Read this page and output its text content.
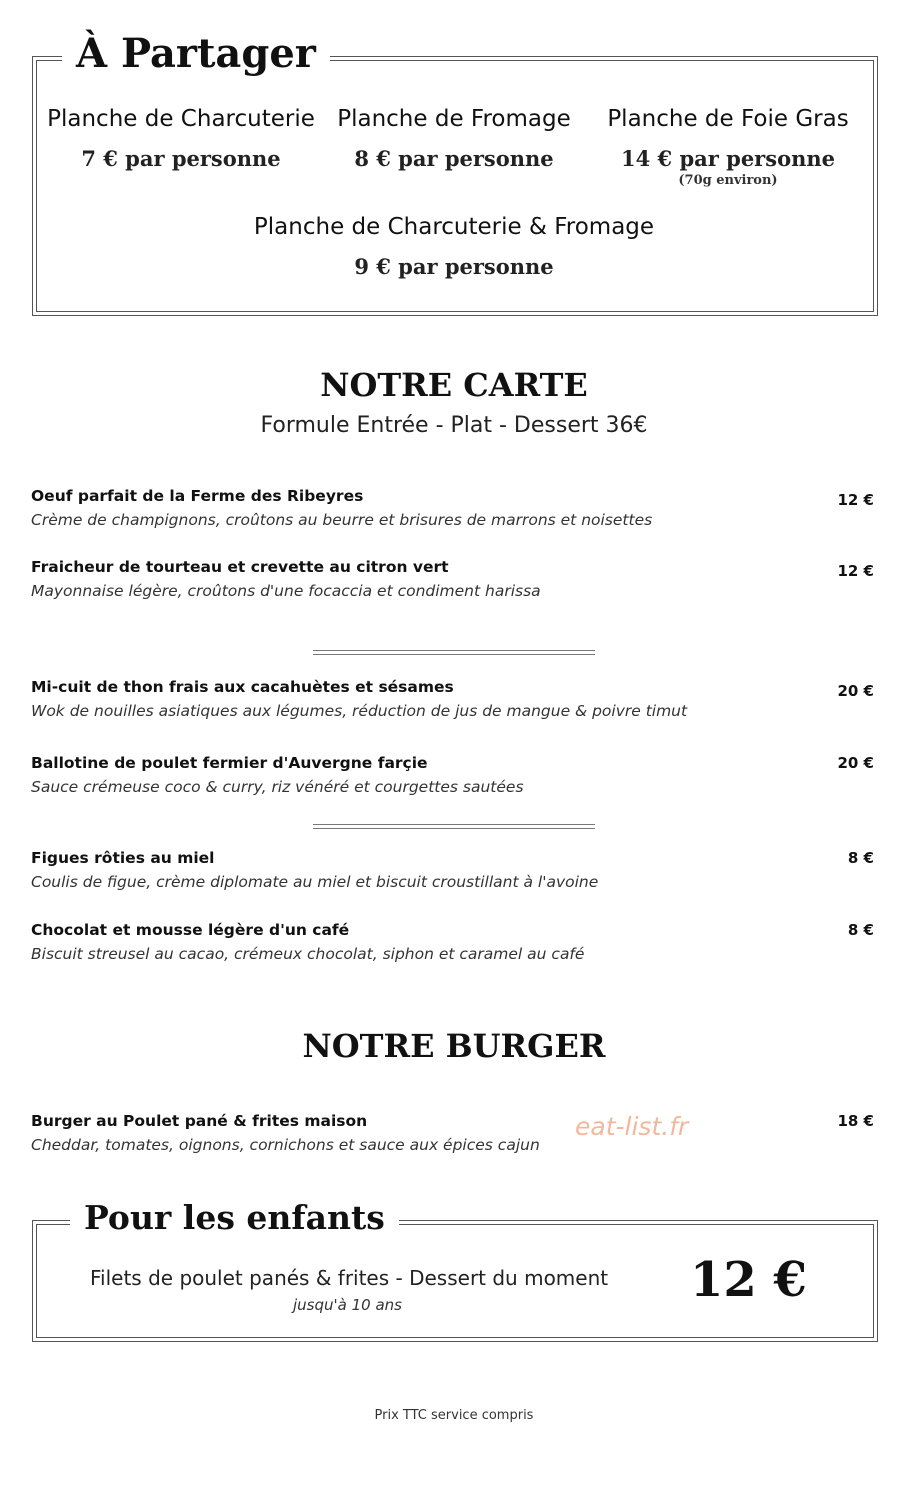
À Partager
Planche de Charcuterie
7 € par personne
Planche de Fromage
8 € par personne
Planche de Foie Gras
14 € par personne
(70g environ)
Planche de Charcuterie & Fromage
9 € par personne
NOTRE CARTE
Formule Entrée - Plat - Dessert 36€
Oeuf parfait de la Ferme des Ribeyres
Crème de champignons, croûtons au beurre et brisures de marrons et noisettes
12 €
Fraicheur de tourteau et crevette au citron vert
Mayonnaise légère, croûtons d'une focaccia et condiment harissa
12 €
Mi-cuit de thon frais aux cacahuètes et sésames
Wok de nouilles asiatiques aux légumes, réduction de jus de mangue & poivre timut
20 €
Ballotine de poulet fermier d'Auvergne farçie
Sauce crémeuse coco & curry, riz vénéré et courgettes sautées
20 €
Figues rôties au miel
Coulis de figue, crème diplomate au miel et biscuit croustillant à l'avoine
8 €
Chocolat et mousse légère d'un café
Biscuit streusel au cacao, crémeux chocolat, siphon et caramel au café
8 €
NOTRE BURGER
Burger au Poulet pané & frites maison
Cheddar, tomates, oignons, cornichons et sauce aux épices cajun
18 €
eat-list.fr
Pour les enfants
Filets de poulet panés & frites - Dessert du moment
jusqu'à 10 ans	12 €
Prix TTC service compris
